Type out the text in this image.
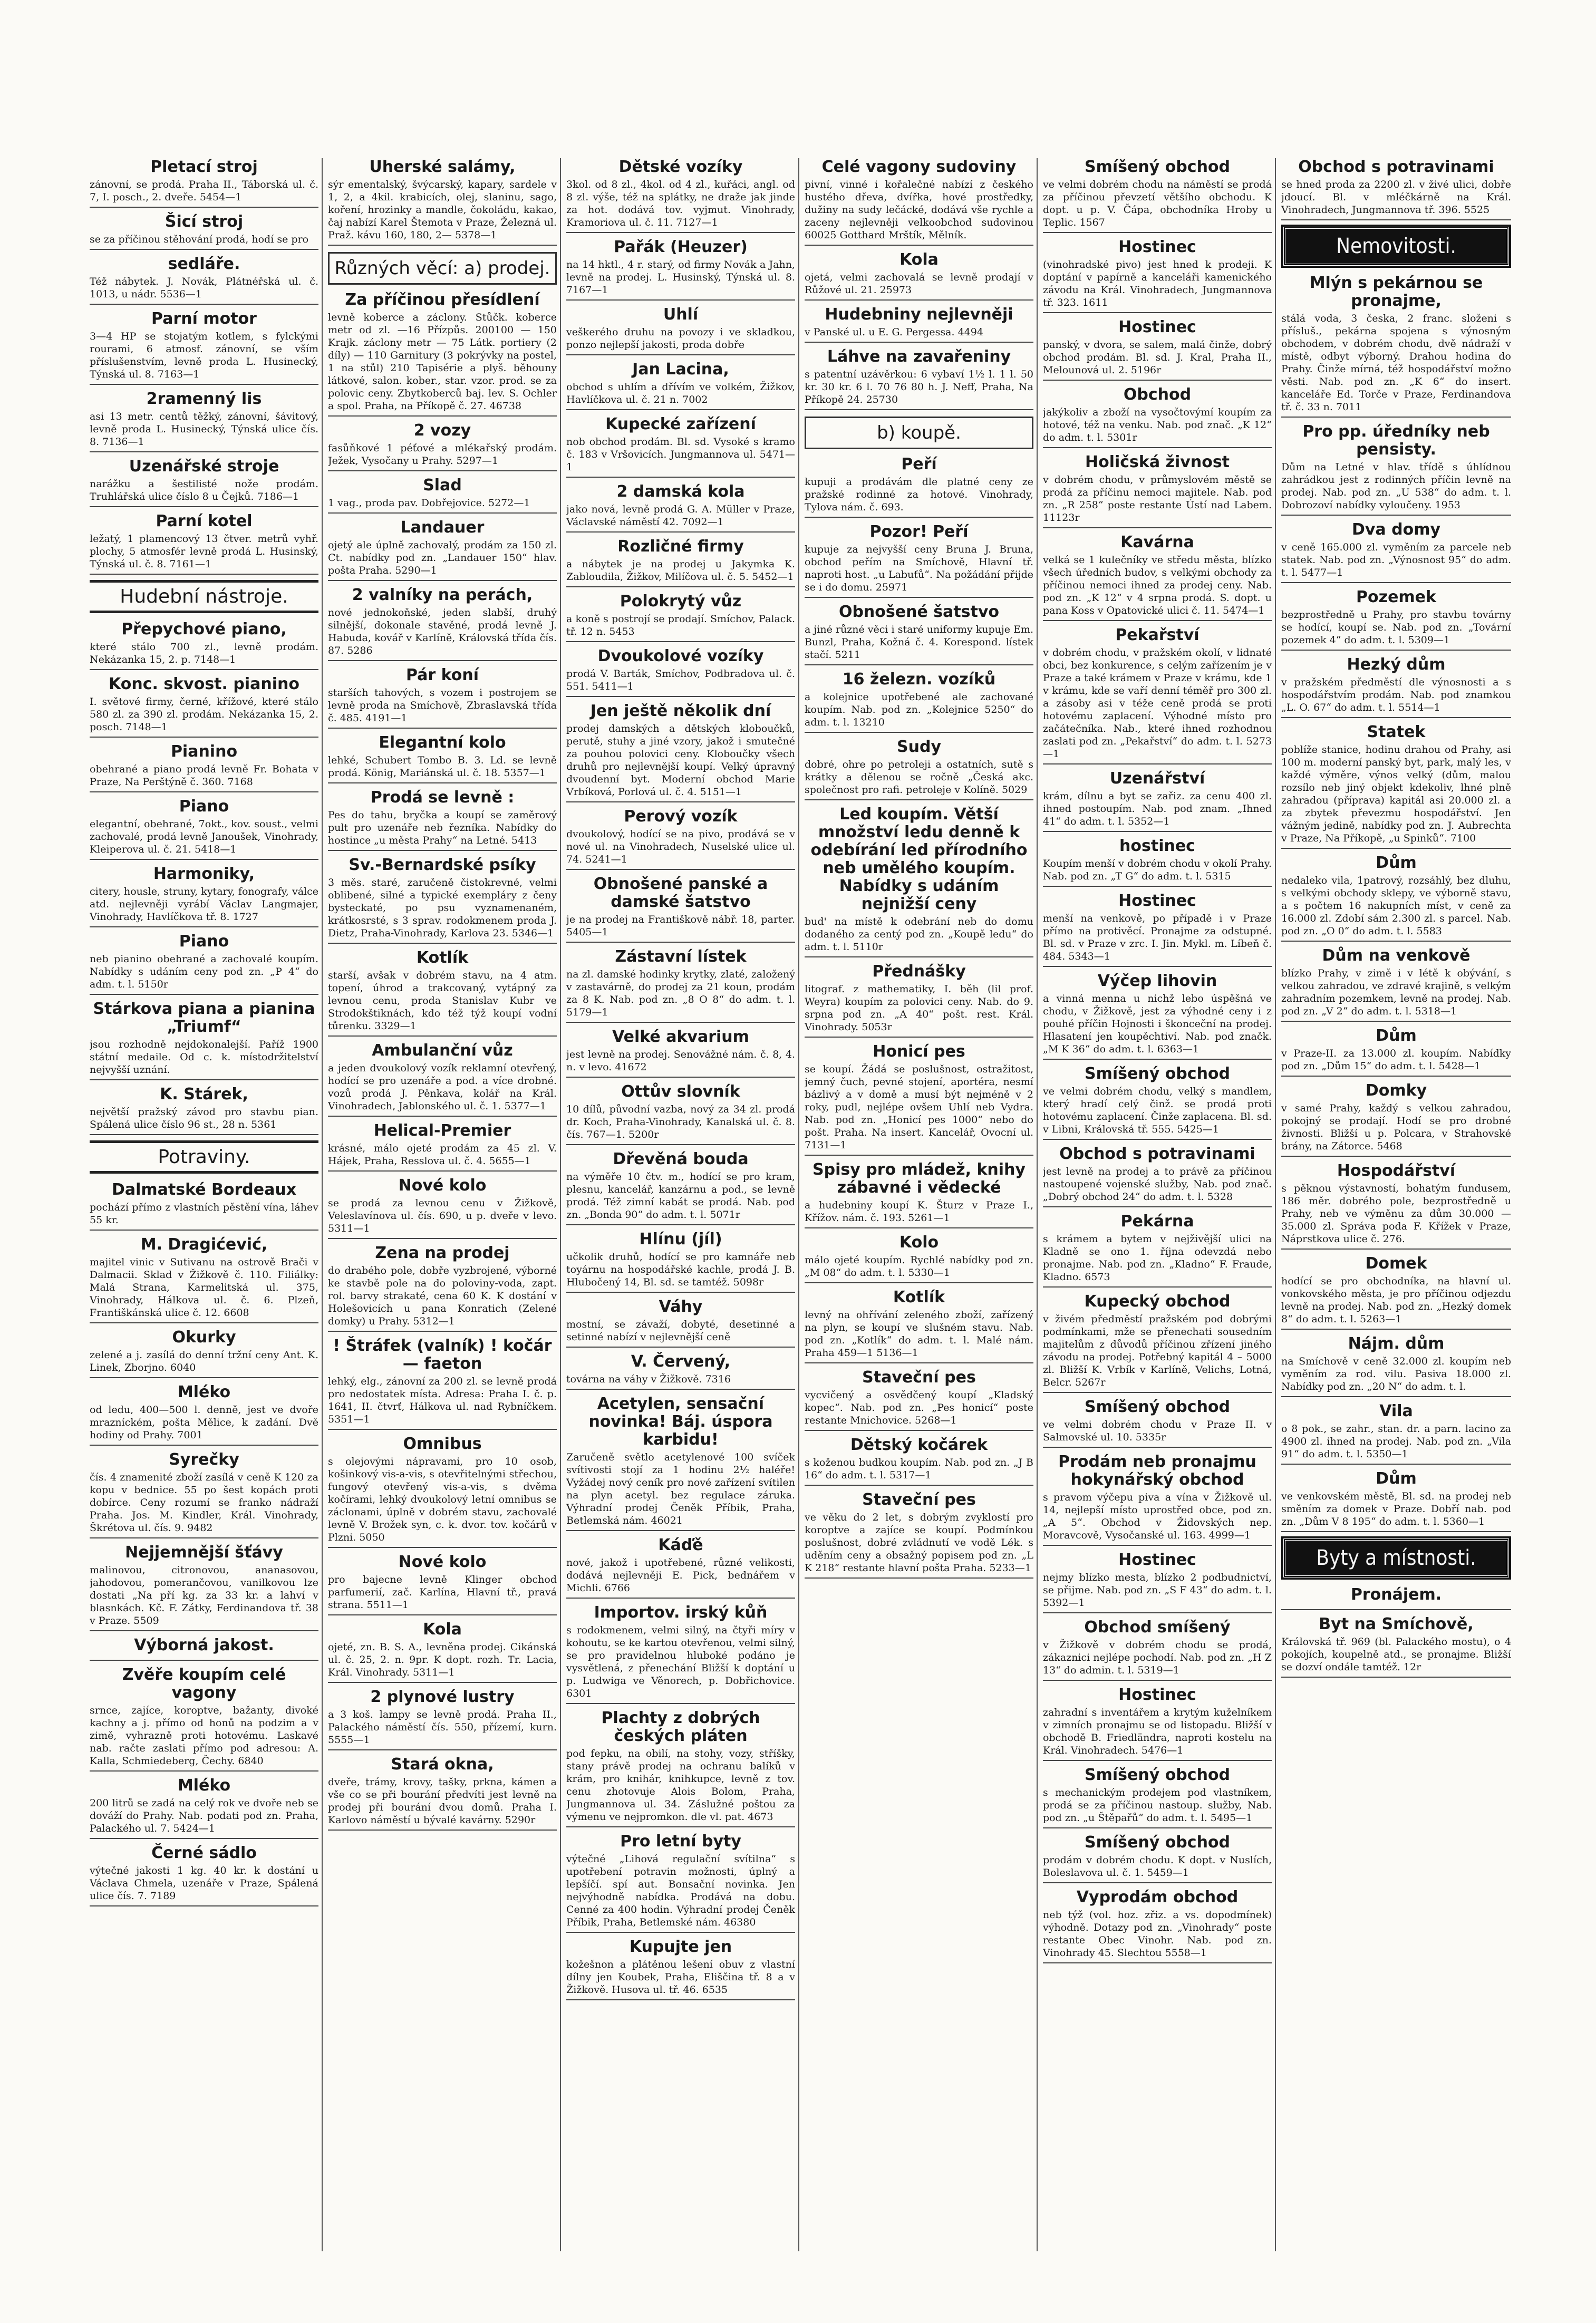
Pletací stroj

zánovní, se prodá. Praha II., Táborská ul. č. 7, I. posch., 2. dveře. 5454—1

Šicí stroj

se za příčinou stěhování prodá, hodí se pro

sedláře.

Též nábytek. J. Novák, Plátnéřská ul. č. 1013, u nádr. 5536—1

Parní motor

3—4 HP se stojatým kotlem, s fylckými rourami, 6 atmosf. zánovní, se vším příslušenstvím, levně proda L. Husinecký, Týnská ul. 8. 7163—1

2ramenný lis

asi 13 metr. centů těžký, zánovní, šávitový, levně proda L. Husinecký, Týnská ulice čís. 8. 7136—1

Uzenářské stroje

narážku a šestilisté nože prodám. Truhlářská ulice číslo 8 u Čejků. 7186—1

Parní kotel

ležatý, 1 plamencový 13 čtver. metrů vyhř. plochy, 5 atmosfér levně prodá L. Husinský, Týnská ul. č. 8. 7161—1

Hudební nástroje.
Přepychové piano,

které stálo 700 zl., levně prodám. Nekázanka 15, 2. p. 7148—1

Konc. skvost. pianino

I. světové firmy, černé, křížové, které stálo 580 zl. za 390 zl. prodám. Nekázanka 15, 2. posch. 7148—1

Pianino

obehrané a piano prodá levně Fr. Bohata v Praze, Na Perštýně č. 360. 7168

Piano

elegantní, obehrané, 7okt., kov. soust., velmi zachovalé, prodá levně Janoušek, Vinohrady, Kleiperova ul. č. 21. 5418—1

Harmoniky,

citery, housle, struny, kytary, fonografy, válce atd. nejlevněji vyrábí Václav Langmajer, Vinohrady, Havlíčkova tř. 8. 1727

Piano

neb pianino obehrané a zachovalé koupím. Nabídky s udáním ceny pod zn. „P 4“ do adm. t. l. 5150r

Stárkova piana a pianina „Triumf“

jsou rozhodně nejdokonalejší. Paříž 1900 státní medaile. Od c. k. místodržitelství nejvyšší uznání.

K. Stárek,

největší pražský závod pro stavbu pian. Spálená ulice číslo 96 st., 28 n. 5361

Potraviny.
Dalmatské Bordeaux

pochází přímo z vlastních pěstění vína, láhev 55 kr.

M. Dragićević,

majitel vinic v Sutivanu na ostrově Brači v Dalmacii. Sklad v Žižkově č. 110. Filiálky: Malá Strana, Karmelitská ul. 375, Vinohrady, Hálkova ul. č. 6. Plzeň, Františkánská ulice č. 12. 6608

Okurky

zelené a j. zasílá do denní tržní ceny Ant. K. Linek, Zborjno. 6040

Mléko

od ledu, 400—500 l. denně, jest ve dvoře mrazníckém, pošta Mělice, k zadání. Dvě hodiny od Prahy. 7001

Syrečky

čís. 4 znamenité zboží zasílá v ceně K 120 za kopu v bednice. 55 po šest kopách proti dobírce. Ceny rozumí se franko nádraží Praha. Jos. M. Kindler, Král. Vinohrady, Škrétova ul. čís. 9. 9482

Nejjemnější šťávy

malinovou, citronovou, ananasovou, jahodovou, pomerančovou, vanilkovou lze dostati „Na pří kg. za 33 kr. a lahví v blasnkách. Kč. F. Zátky, Ferdinandova tř. 38 v Praze. 5509

Výborná jakost.
Zvěře koupím celé vagony

srnce, zajíce, koroptve, bažanty, divoké kachny a j. přímo od honů na podzim a v zimě, vyhrazně proti hotovému. Laskavé nab. račte zaslati přímo pod adresou: A. Kalla, Schmiedeberg, Čechy. 6840

Mléko

200 litrů se zadá na celý rok ve dvoře neb se dováží do Prahy. Nab. podati pod zn. Praha, Palackého ul. 7. 5424—1

Černé sádlo

výtečné jakosti 1 kg. 40 kr. k dostání u Václava Chmela, uzenáře v Praze, Spálená ulice čís. 7. 7189

Uherské salámy,

sýr ementalský, švýcarský, kapary, sardele v 1, 2, a 4kil. krabicích, olej, slaninu, sago, koření, hrozinky a mandle, čokoládu, kakao, čaj nabízí Karel Štemota v Praze, Železná ul. Praž. kávu 160, 180, 2— 5378—1

Různých věcí: a) prodej.
Za příčinou přesídlení

levně koberce a záclony. Stůčk. koberce metr od zl. —16 Přízpůs. 200100 — 150 Krajk. záclony metr — 75 Látk. portiery (2 díly) — 110 Garnitury (3 pokrývky na postel, 1 na stůl) 210 Tapisérie a plyš. běhouny látkové, salon. kober., star. vzor. prod. se za polovic ceny. Zbytkoberců baj. lev. S. Ochler a spol. Praha, na Příkopě č. 27. 46738

2 vozy

fasůňkové 1 péťové a mlékařský prodám. Ježek, Vysočany u Prahy. 5297—1

Slad

1 vag., proda pav. Dobřejovice. 5272—1

Landauer

ojetý ale úplně zachovalý, prodám za 150 zl. Ct. nabídky pod zn. „Landauer 150“ hlav. pošta Praha. 5290—1

2 valníky na perách,

nové jednokoňské, jeden slabší, druhý silnější, dokonale stavěné, prodá levně J. Habuda, kovář v Karlíně, Královská třída čís. 87. 5286

Pár koní

starších tahových, s vozem i postrojem se levně proda na Smíchově, Zbraslavská třída č. 485. 4191—1

Elegantní kolo

lehké, Schubert Tombo B. 3. Ld. se levně prodá. König, Mariánská ul. č. 18. 5357—1

Prodá se levně :

Pes do tahu, bryčka a koupí se zaměrový pult pro uzenáře neb řezníka. Nabídky do hostince „u města Prahy“ na Letné. 5413

Sv.-Bernardské psíky

3 měs. staré, zaručeně čistokrevné, velmi oblibené, silné a typické exempláry z čeny bysteckaté, po psu vyznamenaném, krátkosrsté, s 3 sprav. rodokmenem proda J. Dietz, Praha-Vinohrady, Karlova 23. 5346—1

Kotlík

starší, avšak v dobrém stavu, na 4 atm. topení, úhrod a trakcovaný, vytápný za levnou cenu, proda Stanislav Kubr ve Strodokštiknách, kdo též týž koupí vodní tůrenku. 3329—1

Ambulanční vůz

a jeden dvoukolový vozík reklamní otevřený, hodící se pro uzenáře a pod. a více drobné. vozů prodá J. Pěnkava, kolář na Král. Vinohradech, Jablonského ul. č. 1. 5377—1

Helical-Premier

krásné, málo ojeté prodám za 45 zl. V. Hájek, Praha, Resslova ul. č. 4. 5655—1

Nové kolo

se prodá za levnou cenu v Žižkově, Veleslavínova ul. čís. 690, u p. dveře v levo. 5311—1

Zena na prodej

do drabého pole, dobře vyzbrojené, výborné ke stavbě pole na do poloviny-voda, zapt. rol. barvy strakaté, cena 60 K. K dostání v Holešovicích u pana Konratich (Zelené domky) u Prahy. 5312—1

! Štráfek (valník) ! kočár — faeton

lehký, elg., zánovní za 200 zl. se levně prodá pro nedostatek místa. Adresa: Praha I. č. p. 1641, II. čtvrť, Hálkova ul. nad Rybníčkem. 5351—1

Omnibus

s olejovými nápravami, pro 10 osob, košinkový vis-a-vis, s otevřitelnými střechou, fungový otevřený vis-a-vis, s dvěma kočírami, lehký dvoukolový letní omnibus se záclonami, úplně v dobrém stavu, zachovalé levně V. Brožek syn, c. k. dvor. tov. kočárů v Plzni. 5050

Nové kolo

pro bajecne levně Klinger obchod parfumerií, zač. Karlína, Hlavní tř., pravá strana. 5511—1

Kola

ojeté, zn. B. S. A., levněna prodej. Cikánská ul. č. 25, 2. n. 9pr. K dopt. rozh. Tr. Lacia, Král. Vinohrady. 5311—1

2 plynové lustry

a 3 koš. lampy se levně prodá. Praha II., Palackého náměstí čís. 550, přízemí, kurn. 5555—1

Stará okna,

dveře, trámy, krovy, tašky, prkna, kámen a vše co se při bourání předvíti jest levně na prodej při bourání dvou domů. Praha I. Karlovo náměstí u bývalé kavárny. 5290r

Dětské vozíky

3kol. od 8 zl., 4kol. od 4 zl., kuřáci, angl. od 8 zl. výše, též na splátky, ne draže jak jinde za hot. dodává tov. vyjmut. Vinohrady, Kramoriova ul. č. 11. 7127—1

Pařák (Heuzer)

na 14 hktl., 4 r. starý, od firmy Novák a Jahn, levně na prodej. L. Husinský, Týnská ul. 8. 7167—1

Uhlí

veškerého druhu na povozy i ve skladkou, ponzo nejlepší jakosti, proda dobře

Jan Lacina,

obchod s uhlím a dřívím ve volkém, Žižkov, Havlíčkova ul. č. 21 n. 7002

Kupecké zařízení

nob obchod prodám. Bl. sd. Vysoké s kramo č. 183 v Vršovicích. Jungmannova ul. 5471—1

2 damská kola

jako nová, levně prodá G. A. Müller v Praze, Václavské náměstí 42. 7092—1

Rozličné firmy

a nábytek je na prodej u Jakymka K. Zabloudila, Žižkov, Milíčova ul. č. 5. 5452—1

Polokrytý vůz

a koně s postrojí se prodají. Smíchov, Palack. tř. 12 n. 5453

Dvoukolové vozíky

prodá V. Barták, Smíchov, Podbradova ul. č. 551. 5411—1

Jen ještě několik dní

prodej damských a dětských kloboučků, perutě, stuhy a jiné vzory, jakož i smutečné za pouhou polovici ceny. Kloboučky všech druhů pro nejlevnější koupí. Velký úpravný dvoudenní byt. Moderní obchod Marie Vrbíková, Porlová ul. č. 4. 5151—1

Perový vozík

dvoukolový, hodící se na pivo, prodává se v nové ul. na Vinohradech, Nuselské ulice ul. 74. 5241—1

Obnošené panské a damské šatstvo

je na prodej na Františkově nábř. 18, parter. 5405—1

Zástavní lístek

na zl. damské hodinky krytky, zlaté, založený v zastavárně, do prodej za 21 koun, prodám za 8 K. Nab. pod zn. „8 O 8“ do adm. t. l. 5179—1

Velké akvarium

jest levně na prodej. Senovážné nám. č. 8, 4. n. v levo. 41672

Ottův slovník

10 dílů, původní vazba, nový za 34 zl. prodá dr. Koch, Praha-Vinohrady, Kanalská ul. č. 8. čís. 767—1. 5200r

Dřevěná bouda

na výměře 10 čtv. m., hodící se pro kram, plesnu, kancelář, kanzárnu a pod., se levně prodá. Též zimní kabát se prodá. Nab. pod zn. „Bonda 90“ do adm. t. l. 5071r

Hlínu (jíl)

učkolik druhů, hodící se pro kamnáře neb toyárnu na hospodářské kachle, prodá J. B. Hlubočený 14, Bl. sd. se tamtéž. 5098r

Váhy

mostní, se závaží, dobyté, desetinné a setinné nabízí v nejlevnější ceně

V. Červený,

továrna na váhy v Žižkově. 7316

Acetylen, sensační novinka! Báj. úspora karbidu!

Zaručeně světlo acetylenové 100 svíček svítivosti stojí za 1 hodinu 2½ haléře! Vyžádej nový ceník pro nové zařízení svítilen na plyn acetyl. bez regulace záruka. Výhradní prodej Čeněk Příbik, Praha, Betlemská nám. 46021

Káďě

nové, jakož i upotřebené, různé velikosti, dodává nejlevněji E. Pick, bednářem v Michli. 6766

Importov. irský kůň

s rodokmenem, velmi silný, na čtyři míry v kohoutu, se ke kartou otevřenou, velmi silný, se pro pravidelnou hluboké podáno je vysvětlená, z přenechání Bližší k doptání u p. Ludwiga ve Věnorech, p. Dobřichovice. 6301

Plachty z dobrých českých pláten

pod fepku, na obilí, na stohy, vozy, stříšky, stany právě prodej na ochranu balíků v krám, pro knihár, knihkupce, levně z tov. cenu zhotovuje Alois Bolom, Praha, Jungmannova ul. 34. Záslužné poštou za výmenu ve nejpromkon. dle vl. pat. 4673

Pro letní byty

výtečné „Lihová regulační svítilna“ s upotřebení potravin možnosti, úplný a lepšíčí. spí aut. Bonsační novinka. Jen nejvýhodně nabídka. Prodává na dobu. Cenné za 400 hodin. Výhradní prodej Čeněk Příbik, Praha, Betlemské nám. 46380

Kupujte jen

kožešnon a plátěnou lešení obuv z vlastní dílny jen Koubek, Praha, Eliščina tř. 8 a v Žižkově. Husova ul. tř. 46. 6535

Celé vagony sudoviny

pivní, vinné i kořalečné nabízí z českého hustého dřeva, dvířka, hové prostředky, dužiny na sudy lečácké, dodává vše rychle a zaceny nejlevněji velkoobchod sudovinou 60025 Gotthard Mrštík, Mělník.

Kola

ojetá, velmi zachovalá se levně prodají v Růžové ul. 21. 25973

Hudebniny nejlevněji

v Panské ul. u E. G. Pergessa. 4494

Láhve na zavařeniny

s patentní uzávěrkou: 6 vybaví 1½ l. 1 l. 50 kr. 30 kr. 6 l. 70 76 80 h. J. Neff, Praha, Na Příkopě 24. 25730

b) koupě.
Peří

kupuji a prodávám dle platné ceny ze pražské rodinné za hotové. Vinohrady, Tylova nám. č. 693.

Pozor! Peří

kupuje za nejvyšší ceny Bruna J. Bruna, obchod peřím na Smíchově, Hlavní tř. naproti host. „u Labuťů“. Na požádání přijde se i do domu. 25971

Obnošené šatstvo

a jiné různé věci i staré uniformy kupuje Em. Bunzl, Praha, Kožná č. 4. Korespond. lístek stačí. 5211

16 železn. vozíků

a kolejnice upotřebené ale zachované koupím. Nab. pod zn. „Kolejnice 5250“ do adm. t. l. 13210

Sudy

dobré, ohre po petroleji a ostatních, sutě s krátky a dělenou se ročně „Česká akc. společnost pro rafi. petroleje v Kolíně. 5029

Led koupím. Větší množství ledu denně k odebírání led přírodního neb umělého koupím. Nabídky s udáním nejnižší ceny

bud' na místě k odebrání neb do domu dodaného za centý pod zn. „Koupě ledu“ do adm. t. l. 5110r

Přednášky

litograf. z mathematiky, I. běh (lil prof. Weyra) koupím za polovici ceny. Nab. do 9. srpna pod zn. „A 40“ pošt. rest. Král. Vinohrady. 5053r

Honicí pes

se koupí. Žádá se poslušnost, ostražitost, jemný čuch, pevné stojení, aportéra, nesmí bázlivý a v domě a musí být nejméně v 2 roky, pudl, nejlépe ovšem Uhlí neb Vydra. Nab. pod zn. „Honicí pes 1000“ nebo do pošt. Praha. Na insert. Kancelář, Ovocní ul. 7131—1

Spisy pro mládež, knihy zábavné i vědecké

a hudebniny koupí K. Šturz v Praze I., Křížov. nám. č. 193. 5261—1

Kolo

málo ojeté koupím. Rychlé nabídky pod zn. „M 08“ do adm. t. l. 5330—1

Kotlík

levný na ohřívání zeleného zboží, zařízený na plyn, se koupí ve slušném stavu. Nab. pod zn. „Kotlík“ do adm. t. l. Malé nám. Praha 459—1 5136—1

Staveční pes

vycvičený a osvědčený koupí „Kladský kopec“. Nab. pod zn. „Pes honicí“ poste restante Mnichovice. 5268—1

Dětský kočárek

s koženou budkou koupím. Nab. pod zn. „J B 16“ do adm. t. l. 5317—1

Staveční pes

ve věku do 2 let, s dobrým zvyklostí pro koroptve a zajíce se koupí. Podmínkou poslušnost, dobré zvládnutí ve vodě Lék. s uděním ceny a obsažný popisem pod zn. „L K 218“ restante hlavní pošta Praha. 5233—1

Smíšený obchod

ve velmi dobrém chodu na náměstí se prodá za příčinou převzetí většího obchodu. K dopt. u p. V. Čápa, obchodníka Hroby u Teplic. 1567

Hostinec

(vinohradské pivo) jest hned k prodeji. K doptání v papírně a kanceláři kamenického závodu na Král. Vinohradech, Jungmannova tř. 323. 1611

Hostinec

panský, v dvora, se salem, malá činže, dobrý obchod prodám. Bl. sd. J. Kral, Praha II., Melounová ul. 2. 5196r

Obchod

jakýkoliv a zboží na vysočtovýmí koupím za hotové, též na venku. Nab. pod znač. „K 12“ do adm. t. l. 5301r

Holičská živnost

v dobrém chodu, v průmyslovém městě se prodá za příčinu nemoci majitele. Nab. pod zn. „R 258“ poste restante Ústí nad Labem. 11123r

Kavárna

velká se 1 kulečníky ve středu města, blízko všech úředních budov, s velkými obchody za příčinou nemoci ihned za prodej ceny. Nab. pod zn. „K 12“ v 4 srpna prodá. S. dopt. u pana Koss v Opatovické ulici č. 11. 5474—1

Pekařství

v dobrém chodu, v pražském okolí, v lidnaté obci, bez konkurence, s celým zařízením je v Praze a také krámem v Praze v krámu, kde 1 v krámu, kde se vaří denní téměř pro 300 zl. a zásoby asi v téže ceně prodá se proti hotovému zaplacení. Výhodné místo pro začátečníka. Nab., které ihned rozhodnou zaslati pod zn. „Pekařství“ do adm. t. l. 5273—1

Uzenářství

krám, dílnu a byt se zařiz. za cenu 400 zl. ihned postoupím. Nab. pod znam. „Ihned 41“ do adm. t. l. 5352—1

hostinec

Koupím menší v dobrém chodu v okolí Prahy. Nab. pod zn. „T G“ do adm. t. l. 5315

Hostinec

menší na venkově, po případě i v Praze přímo na protivěcí. Pronajme za odstupné. Bl. sd. v Praze v zrc. I. Jin. Mykl. m. Líbeň č. 484. 5343—1

Výčep lihovin

a vinná menna u nichž lebo úspěšná ve chodu, v Žižkově, jest za výhodné ceny i z pouhé příčin Hojnosti i škonceční na prodej. Hlasatení jen koupěchtiví. Nab. pod značk. „M K 36“ do adm. t. l. 6363—1

Smíšený obchod

ve velmi dobrém chodu, velký s mandlem, který hradí celý činž. se prodá proti hotovému zaplacení. Činže zaplacena. Bl. sd. v Libni, Královská tř. 555. 5425—1

Obchod s potravinami

jest levně na prodej a to právě za příčinou nastoupené vojenské služby, Nab. pod znač. „Dobrý obchod 24“ do adm. t. l. 5328

Pekárna

s krámem a bytem v nejživější ulici na Kladně se ono 1. října odevzdá nebo pronajme. Nab. pod zn. „Kladno“ F. Fraude, Kladno. 6573

Kupecký obchod

v živém předměstí pražském pod dobrými podmínkami, mže se přenechati sousedním majitelům z důvodů příčinou zřízení jiného závodu na prodej. Potřebný kapitál 4 – 5000 zl. Bližší K. Vrbík v Karlíně, Velichs, Lotná, Belcr. 5267r

Smíšený obchod

ve velmi dobrém chodu v Praze II. v Salmovské ul. 10. 5335r

Prodám neb pronajmu hokynářský obchod

s pravom výčepu piva a vína v Žižkově ul. 14, nejlepší místo uprostřed obce, pod zn. „A 5“. Obchod v Židovských nep. Moravcově, Vysočanské ul. 163. 4999—1

Hostinec

nejmy blízko mesta, blízko 2 podbudnictví, se přijme. Nab. pod zn. „S F 43“ do adm. t. l. 5392—1

Obchod smíšený

v Žižkově v dobrém chodu se prodá, zákaznici nejlépe pochodí. Nab. pod zn. „H Z 13“ do admin. t. l. 5319—1

Hostinec

zahradní s inventářem a krytým kuželníkem v zimních pronajmu se od listopadu. Bližší v obchodě B. Friedländra, naproti kostelu na Král. Vinohradech. 5476—1

Smíšený obchod

s mechanickým prodejem pod vlastníkem, prodá se za příčinou nastoup. služby, Nab. pod zn. „u Štěpařů“ do adm. t. l. 5495—1

Smíšený obchod

prodám v dobrém chodu. K dopt. v Nuslích, Boleslavova ul. č. 1. 5459—1

Vyprodám obchod

neb týž (vol. hoz. zřiz. a vs. dopodmínek) výhodně. Dotazy pod zn. „Vinohrady“ poste restante Obec Vinohr. Nab. pod zn. Vinohrady 45. Slechtou 5558—1

Obchod s potravinami

se hned proda za 2200 zl. v živé ulici, dobře jdoucí. Bl. v mléčkárně na Král. Vinohradech, Jungmannova tř. 396. 5525

Nemovitosti.
Mlýn s pekárnou se pronajme,

stálá voda, 3 česka, 2 franc. složeni s přísluš., pekárna spojena s výnosným obchodem, v dobrém chodu, dvě nádraží v místě, odbyt výborný. Drahou hodina do Prahy. Činže mírná, též hospodářství možno věsti. Nab. pod zn. „K 6“ do insert. kanceláře Ed. Torče v Praze, Ferdinandova tř. č. 33 n. 7011

Pro pp. úředníky neb pensisty.

Dům na Letné v hlav. třídě s úhlídnou zahrádkou jest z rodinných příčin levně na prodej. Nab. pod zn. „U 538“ do adm. t. l. Dobrozoví nabídky vyloučeny. 1953

Dva domy

v ceně 165.000 zl. vyměním za parcele neb statek. Nab. pod zn. „Výnosnost 95“ do adm. t. l. 5477—1

Pozemek

bezprostředně u Prahy, pro stavbu továrny se hodící, koupí se. Nab. pod zn. „Tovární pozemek 4“ do adm. t. l. 5309—1

Hezký dům

v pražském předměstí dle výnosnosti a s hospodářstvím prodám. Nab. pod znamkou „L. O. 67“ do adm. t. l. 5514—1

Statek

poblíže stanice, hodinu drahou od Prahy, asi 100 m. moderní panský byt, park, malý les, v každé výměre, výnos velký (dům, malou rozsílo neb jiný objekt kdekoliv, lhné plně zahradou (příprava) kapitál asi 20.000 zl. a za zbytek převezmu hospodářství. Jen vážným jedině, nabídky pod zn. J. Aubrechta v Praze, Na Příkopě, „u Spinků“. 7100

Dům

nedaleko vila, 1patrový, rozsáhlý, bez dluhu, s velkými obchody sklepy, ve výborně stavu, a s počtem 16 nakupních míst, v ceně za 16.000 zl. Zdobí sám 2.300 zl. s parcel. Nab. pod zn. „O 0“ do adm. t. l. 5583

Dům na venkově

blízko Prahy, v zimě i v létě k obývání, s velkou zahradou, ve zdravé krajině, s velkým zahradním pozemkem, levně na prodej. Nab. pod zn. „V 2“ do adm. t. l. 5318—1

Dům

v Praze-II. za 13.000 zl. koupím. Nabídky pod zn. „Dům 15“ do adm. t. l. 5428—1

Domky

v samé Prahy, každý s velkou zahradou, pokojný se prodají. Hodí se pro drobné živnosti. Bližší u p. Polcara, v Strahovské brány, na Zátorce. 5468

Hospodářství

s pěknou výstavností, bohatým fundusem, 186 měr. dobrého pole, bezprostředně u Prahy, neb ve výměnu za dům 30.000 — 35.000 zl. Správa poda F. Křížek v Praze, Náprstkova ulice č. 276.

Domek

hodící se pro obchodníka, na hlavní ul. vonkovského města, je pro příčinou odjezdu levně na prodej. Nab. pod zn. „Hezký domek 8“ do adm. t. l. 5263—1

Nájm. dům

na Smíchově v ceně 32.000 zl. koupím neb vyměním za rod. vilu. Pasiva 18.000 zl. Nabídky pod zn. „20 N“ do adm. t. l.

Vila

o 8 pok., se zahr., stan. dr. a parn. lacino za 4900 zl. ihned na prodej. Nab. pod zn. „Vila 91“ do adm. t. l. 5350—1

Dům

ve venkovském městě, Bl. sd. na prodej neb směním za domek v Praze. Dobří nab. pod zn. „Dům V 8 195“ do adm. t. l. 5360—1

Byty a místnosti.
Pronájem.
Byt na Smíchově,

Královská tř. 969 (bl. Palackého mostu), o 4 pokojích, koupelně atd., se pronajme. Bližší se dozví ondále tamtéž. 12r
